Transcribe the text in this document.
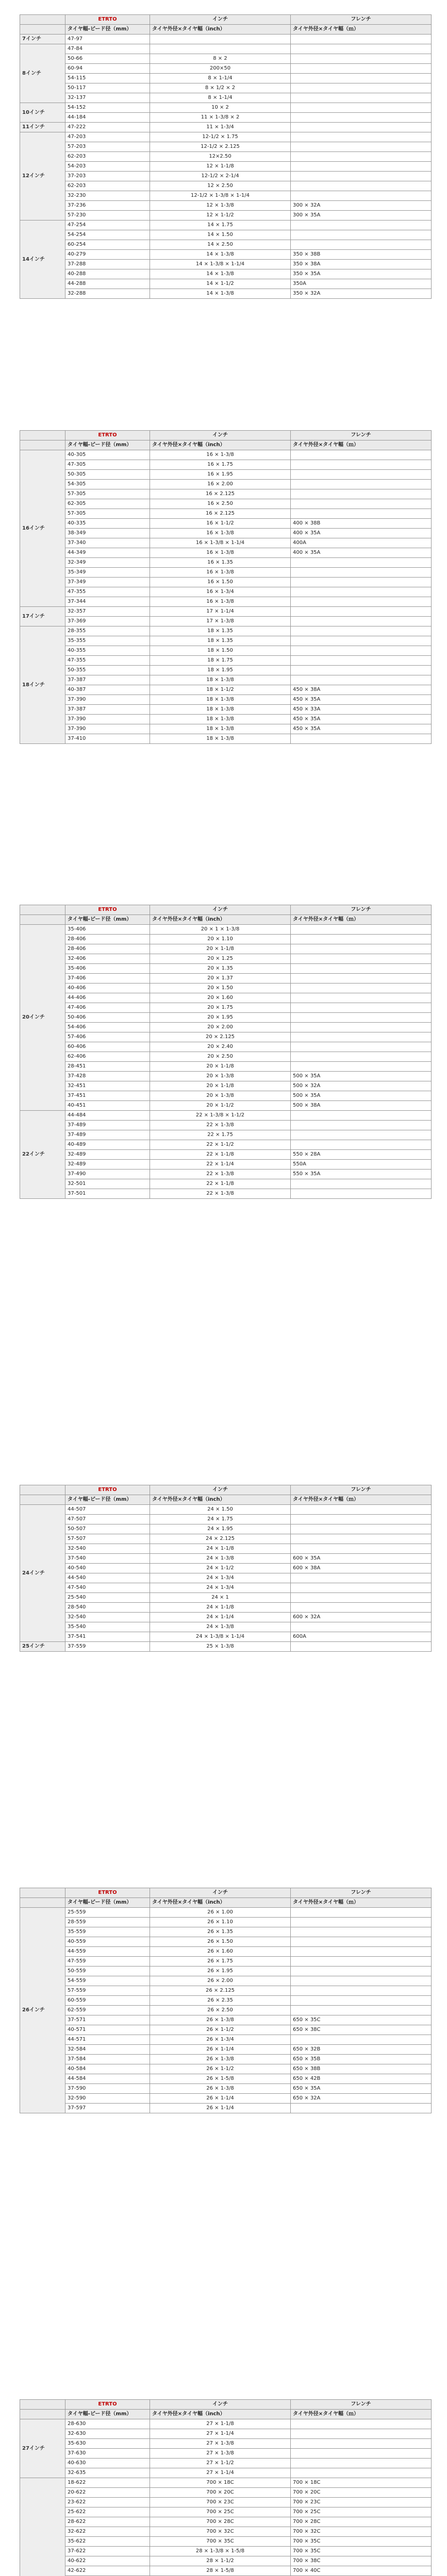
	ETRTO	インチ	フレンチ
	タイヤ幅-ビード径（mm）	タイヤ外径×タイヤ幅（inch）	タイヤ外径×タイヤ幅（ｍ）
7インチ	47-97		
8インチ	47-84		
	50-66	8 × 2	
	60-94	200×50	
	54-115	8 × 1-1/4	
	50-117	8 × 1/2 × 2	
	32-137	8 × 1-1/4	
10インチ	54-152	10 × 2	
	44-184	11 × 1-3/8 × 2	
11インチ	47-222	11 × 1-3/4	
12インチ	47-203	12-1/2 × 1.75	
	57-203	12-1/2 × 2.125	
	62-203	12×2.50	
	54-203	12 × 1-1/8	
	37-203	12-1/2 × 2-1/4	
	62-203	12 × 2.50	
	32-230	12-1/2 × 1-3/8 × 1-1/4	
	37-236	12 × 1-3/8	300 × 32A
	57-230	12 × 1-1/2	300 × 35A
14インチ	47-254	14 × 1.75	
	54-254	14 × 1.50	
	60-254	14 × 2.50	
	40-279	14 × 1-3/8	350 × 38B
	37-288	14 × 1-3/8 × 1-1/4	350 × 38A
	40-288	14 × 1-3/8	350 × 35A
	44-288	14 × 1-1/2	350A
	32-288	14 × 1-3/8	350 × 32A
	ETRTO	インチ	フレンチ
	タイヤ幅-ビード径（mm）	タイヤ外径×タイヤ幅（inch）	タイヤ外径×タイヤ幅（ｍ）
16インチ	40-305	16 × 1-3/8	
	47-305	16 × 1.75	
	50-305	16 × 1.95	
	54-305	16 × 2.00	
	57-305	16 × 2.125	
	62-305	16 × 2.50	
	57-305	16 × 2.125	
	40-335	16 × 1-1/2	400 × 38B
	38-349	16 × 1-3/8	400 × 35A
	37-340	16 × 1-3/8 × 1-1/4	400A
	44-349	16 × 1-3/8	400 × 35A
	32-349	16 × 1.35	
	35-349	16 × 1-3/8	
	37-349	16 × 1.50	
	47-355	16 × 1-3/4	
	37-344	16 × 1-3/8	
17インチ	32-357	17 × 1-1/4	
	37-369	17 × 1-3/8	
18インチ	28-355	18 × 1.35	
	35-355	18 × 1.35	
	40-355	18 × 1.50	
	47-355	18 × 1.75	
	50-355	18 × 1.95	
	37-387	18 × 1-3/8	
	40-387	18 × 1-1/2	450 × 38A
	37-390	18 × 1-3/8	450 × 35A
	37-387	18 × 1-3/8	450 × 33A
	37-390	18 × 1-3/8	450 × 35A
	37-390	18 × 1-3/8	450 × 35A
	37-410	18 × 1-3/8	
	ETRTO	インチ	フレンチ
	タイヤ幅-ビード径（mm）	タイヤ外径×タイヤ幅（inch）	タイヤ外径×タイヤ幅（ｍ）
20インチ	35-406	20 × 1 × 1-3/8	
	28-406	20 × 1.10	
	28-406	20 × 1-1/8	
	32-406	20 × 1.25	
	35-406	20 × 1.35	
	37-406	20 × 1.37	
	40-406	20 × 1.50	
	44-406	20 × 1.60	
	47-406	20 × 1.75	
	50-406	20 × 1.95	
	54-406	20 × 2.00	
	57-406	20 × 2.125	
	60-406	20 × 2.40	
	62-406	20 × 2.50	
	28-451	20 × 1-1/8	
	37-428	20 × 1-3/8	500 × 35A
	32-451	20 × 1-1/8	500 × 32A
	37-451	20 × 1-3/8	500 × 35A
	40-451	20 × 1-1/2	500 × 38A
22インチ	44-484	22 × 1-3/8 × 1-1/2	
	37-489	22 × 1-3/8	
	37-489	22 × 1.75	
	40-489	22 × 1-1/2	
	32-489	22 × 1-1/8	550 × 28A
	32-489	22 × 1-1/4	550A
	37-490	22 × 1-3/8	550 × 35A
	32-501	22 × 1-1/8	
	37-501	22 × 1-3/8	
	ETRTO	インチ	フレンチ
	タイヤ幅-ビード径（mm）	タイヤ外径×タイヤ幅（inch）	タイヤ外径×タイヤ幅（ｍ）
24インチ	44-507	24 × 1.50	
	47-507	24 × 1.75	
	50-507	24 × 1.95	
	57-507	24 × 2.125	
	32-540	24 × 1-1/8	
	37-540	24 × 1-3/8	600 × 35A
	40-540	24 × 1-1/2	600 × 38A
	44-540	24 × 1-3/4	
	47-540	24 × 1-3/4	
	25-540	24 × 1	
	28-540	24 × 1-1/8	
	32-540	24 × 1-1/4	600 × 32A
	35-540	24 × 1-3/8	
	37-541	24 × 1-3/8 × 1-1/4	600A
25インチ	37-559	25 × 1-3/8	
	ETRTO	インチ	フレンチ
	タイヤ幅-ビード径（mm）	タイヤ外径×タイヤ幅（inch）	タイヤ外径×タイヤ幅（ｍ）
26インチ	25-559	26 × 1.00	
	28-559	26 × 1.10	
	35-559	26 × 1.35	
	40-559	26 × 1.50	
	44-559	26 × 1.60	
	47-559	26 × 1.75	
	50-559	26 × 1.95	
	54-559	26 × 2.00	
	57-559	26 × 2.125	
	60-559	26 × 2.35	
	62-559	26 × 2.50	
	37-571	26 × 1-3/8	650 × 35C
	40-571	26 × 1-1/2	650 × 38C
	44-571	26 × 1-3/4	
	32-584	26 × 1-1/4	650 × 32B
	37-584	26 × 1-3/8	650 × 35B
	40-584	26 × 1-1/2	650 × 38B
	44-584	26 × 1-5/8	650 × 42B
	37-590	26 × 1-3/8	650 × 35A
	32-590	26 × 1-1/4	650 × 32A
	37-597	26 × 1-1/4	
	ETRTO	インチ	フレンチ
	タイヤ幅-ビード径（mm）	タイヤ外径×タイヤ幅（inch）	タイヤ外径×タイヤ幅（ｍ）
27インチ	28-630	27 × 1-1/8	
	32-630	27 × 1-1/4	
	35-630	27 × 1-3/8	
	37-630	27 × 1-3/8	
	40-630	27 × 1-1/2	
	32-635	27 × 1-1/4	
	18-622	700 × 18C	700 × 18C
	20-622	700 × 20C	700 × 20C
	23-622	700 × 23C	700 × 23C
	25-622	700 × 25C	700 × 25C
	28-622	700 × 28C	700 × 28C
	32-622	700 × 32C	700 × 32C
	35-622	700 × 35C	700 × 35C
	37-622	28 × 1-3/8 × 1-5/8	700 × 35C
	40-622	28 × 1-1/2	700 × 38C
	42-622	28 × 1-5/8	700 × 40C
